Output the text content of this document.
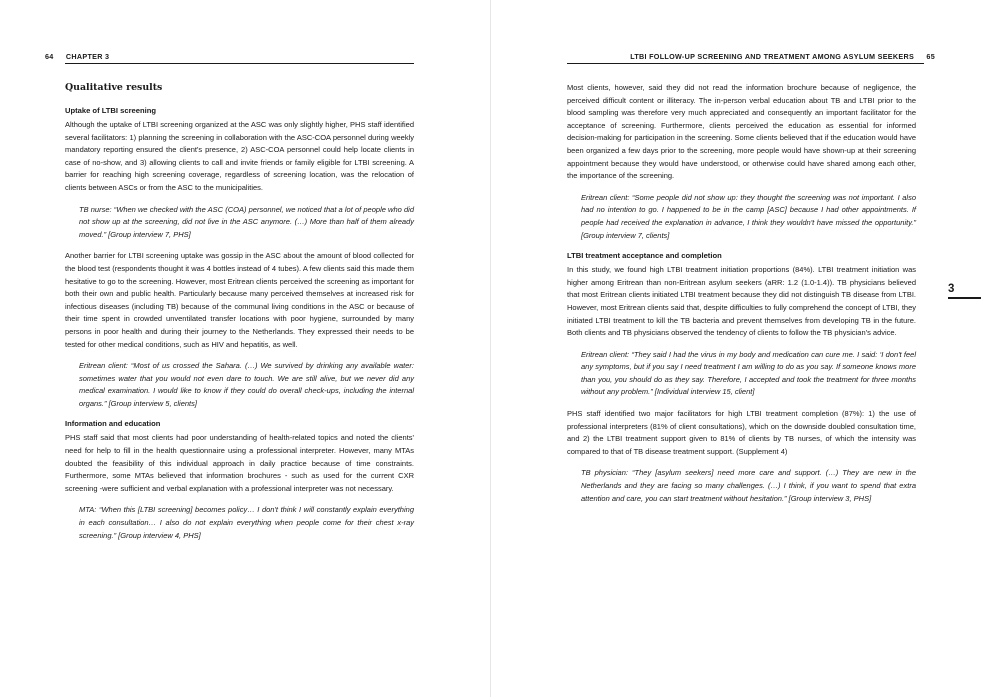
64 CHAPTER 3
Qualitative results
Uptake of LTBI screening

Although the uptake of LTBI screening organized at the ASC was only slightly higher, PHS staff identified several facilitators: 1) planning the screening in collaboration with the ASC-COA personnel during weekly mandatory reporting ensured the client's presence, 2) ASC-COA personnel could help locate clients in case of no-show, and 3) allowing clients to call and invite friends or family eligible for LTBI screening. A barrier for reaching high screening coverage, regardless of screening location, was the relocation of clients between ASCs or from the ASC to the municipalities.

TB nurse: “When we checked with the ASC (COA) personnel, we noticed that a lot of people who did not show up at the screening, did not live in the ASC anymore. (…) More than half of them already moved.” [Group interview 7, PHS]

Another barrier for LTBI screening uptake was gossip in the ASC about the amount of blood collected for the blood test (respondents thought it was 4 bottles instead of 4 tubes). A few clients said this made them hesitative to go to the screening. However, most Eritrean clients perceived the screening as important for both their own and public health. Particularly because many perceived themselves at increased risk for infectious diseases (including TB) because of the communal living conditions in the ASC or because of their time spent in crowded unventilated transfer locations with poor hygiene, surrounded by many persons in poor health and during their journey to the Netherlands. They expressed their needs to be tested for other medical conditions, such as HIV and hepatitis, as well.

Eritrean client: “Most of us crossed the Sahara. (…) We survived by drinking any available water: sometimes water that you would not even dare to touch. We are still alive, but we never did any medical examination. I would like to know if they could do overall check-ups, including the internal organs.” [Group interview 5, clients]
Information and education

PHS staff said that most clients had poor understanding of health-related topics and noted the clients' need for help to fill in the health questionnaire using a professional interpreter. However, many MTAs doubted the feasibility of this individual approach in daily practice because of time constraints. Furthermore, some MTAs believed that information brochures - such as used for the current CXR screening -were sufficient and verbal explanation with a professional interpreter was not necessary.

MTA: “When this [LTBI screening] becomes policy… I don't think I will constantly explain everything in each consultation… I also do not explain everything when people come for their chest x-ray screening.” [Group interview 4, PHS]
LTBI FOLLOW-UP SCREENING AND TREATMENT AMONG ASYLUM SEEKERS 65

Most clients, however, said they did not read the information brochure because of negligence, the perceived difficult content or illiteracy. The in-person verbal education about TB and LTBI prior to the blood sampling was therefore very much appreciated and consequently an important facilitator for the acceptance of screening. Furthermore, clients perceived the education as essential for informed decision-making for participation in the screening. Some clients believed that if the education would have been organized a few days prior to the screening, more people would have shown-up at their screening appointment because they would have understood, or otherwise could have shared among each other, the importance of the screening.

Eritrean client: “Some people did not show up: they thought the screening was not important. I also had no intention to go. I happened to be in the camp [ASC] because I had other appointments. If people had received the explanation in advance, I think they wouldn't have missed the opportunity.” [Group interview 7, clients]
LTBI treatment acceptance and completion

In this study, we found high LTBI treatment initiation proportions (84%). LTBI treatment initiation was higher among Eritrean than non-Eritrean asylum seekers (aRR: 1.2 (1.0-1.4)). TB physicians believed that most Eritrean clients initiated LTBI treatment because they did not distinguish TB disease from LTBI. However, most Eritrean clients said that, despite difficulties to fully comprehend the concept of LTBI, they initiated LTBI treatment to kill the TB bacteria and prevent themselves from developing TB in the future. Both clients and TB physicians observed the tendency of clients to follow the TB physician's advice.

Eritrean client: “They said I had the virus in my body and medication can cure me. I said: ‘I don't feel any symptoms, but if you say I need treatment I am willing to do as you say. If someone knows more than you, you should do as they say. Therefore, I accepted and took the treatment for three months without any problem.” [Individual interview 15, client]

PHS staff identified two major facilitators for high LTBI treatment completion (87%): 1) the use of professional interpreters (81% of client consultations), which on the downside doubled consultation time, and 2) the LTBI treatment support given to 81% of clients by TB nurses, of which the intensity was compared to that of TB disease treatment support. (Supplement 4)

TB physician: “They [asylum seekers] need more care and support. (…) They are new in the Netherlands and they are facing so many challenges. (…) I think, if you want to spend that extra attention and care, you can start treatment without hesitation.” [Group interview 3, PHS]
3
